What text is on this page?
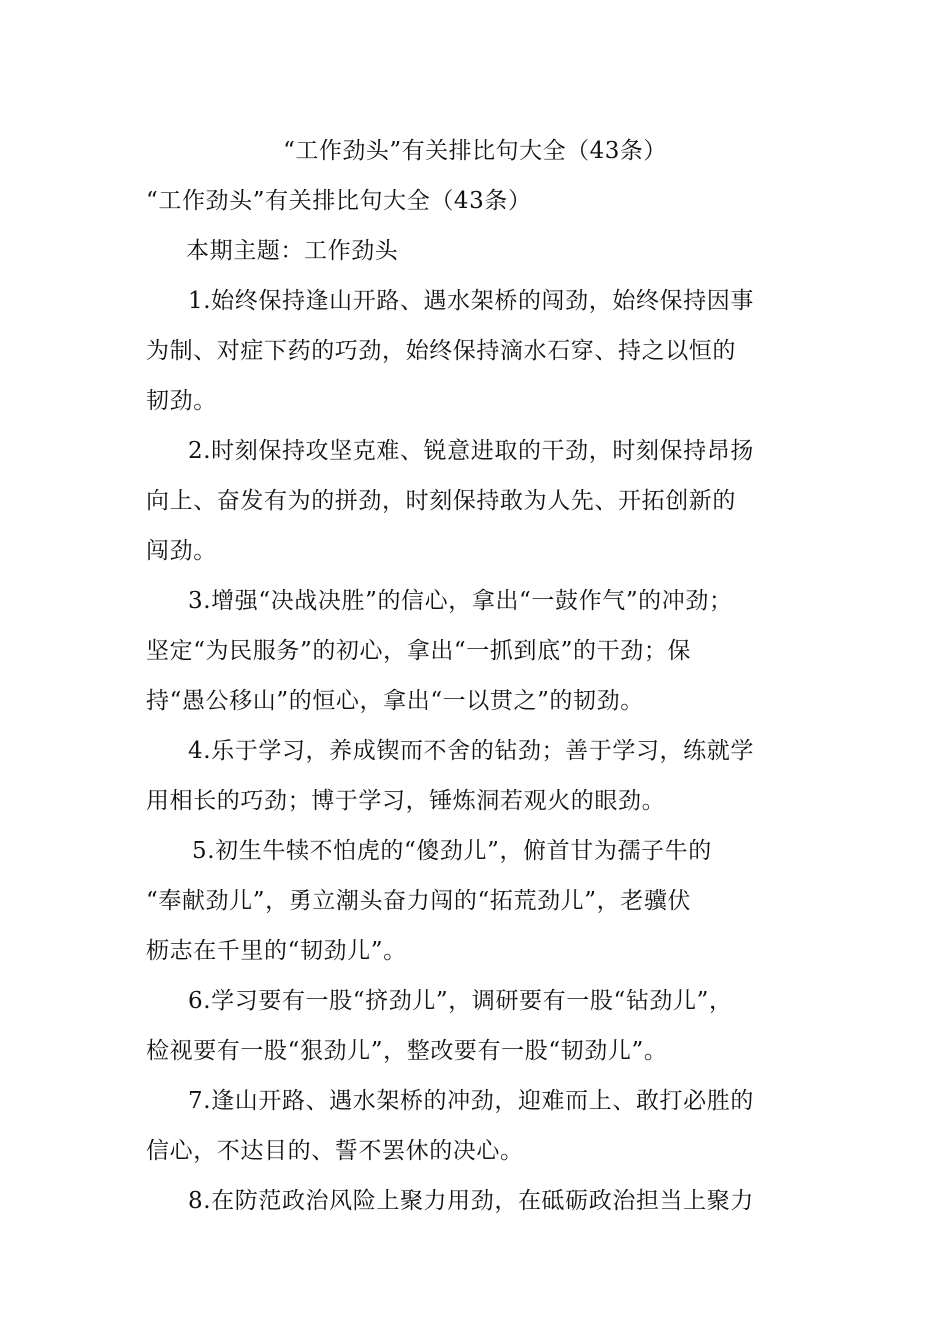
“工作劲头”有关排比句大全（43条）
“工作劲头”有关排比句大全（43条）
本期主题：工作劲头
1.始终保持逢山开路、遇水架桥的闯劲，始终保持因事
为制、对症下药的巧劲，始终保持滴水石穿、持之以恒的
韧劲。
2.时刻保持攻坚克难、锐意进取的干劲，时刻保持昂扬
向上、奋发有为的拼劲，时刻保持敢为人先、开拓创新的
闯劲。
3.增强“决战决胜”的信心，拿出“一鼓作气”的冲劲；
坚定“为民服务”的初心，拿出“一抓到底”的干劲；保
持“愚公移山”的恒心，拿出“一以贯之”的韧劲。
4.乐于学习，养成锲而不舍的钻劲；善于学习，练就学
用相长的巧劲；博于学习，锤炼洞若观火的眼劲。
5.初生牛犊不怕虎的“傻劲儿”，俯首甘为孺子牛的
“奉献劲儿”，勇立潮头奋力闯的“拓荒劲儿”，老骥伏
枥志在千里的“韧劲儿”。
6.学习要有一股“挤劲儿”，调研要有一股“钻劲儿”，
检视要有一股“狠劲儿”，整改要有一股“韧劲儿”。
7.逢山开路、遇水架桥的冲劲，迎难而上、敢打必胜的
信心，不达目的、誓不罢休的决心。
8.在防范政治风险上聚力用劲，在砥砺政治担当上聚力
